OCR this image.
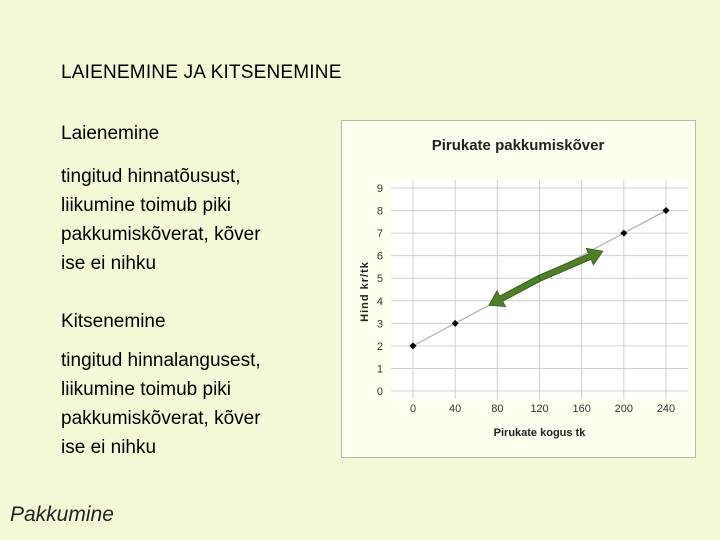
LAIENEMINE JA KITSENEMINE
Laienemine
tingitud hinnatõusust,
liikumine toimub piki
pakkumiskõverat, kõver
ise ei nihku
Kitsenemine
tingitud hinnalangusest,
liikumine toimub piki
pakkumiskõverat, kõver
ise ei nihku
Pakkumine
0	40	80 120 160 200 240
0
1
2
3
4
5
6
7
8
9
Pirukate pakkumiskõver
Pirukate kogus tk
Hind kr/tk
